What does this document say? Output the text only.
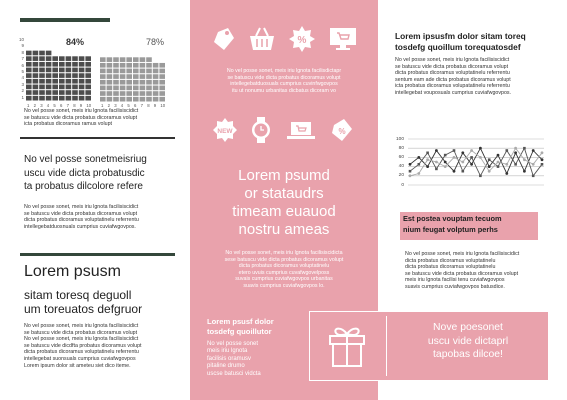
10
9
8
7
6
5
4
3
2
1
84%	78%
1 2 3 4 5 6 7 8 9 10 1 2 3 4 5 6 7 8 9 10
No vel posse sonet, meis iriu lgnota facilisiscidict
se batuscu vide dicta probatus dicoramus volupt
icta probatus dicoramus ramus volupt
No vel posse sonetmeisriug
uscu vide dicta probatusdic
ta probatus dilcolore refere
No vel posse sonet, meis iriu lgnota facilisiscidict
se batuscu vide dicta probatus dicoramus volupt
dicta probatus dicoramus voluptatinelu referrentu
intellegebatduosnuals cumprius cuviafwgovpos.
Lorem psusm
sitam toresq deguoll
um toreuatos defgruor
No vel posse sonet, meis iriu lgnota facilisiscidict
se batuscu vide dicta probatus dicoramus volupt
No vel posse sonet, meis iriu lgnota facilisiscidict
se batuscu vide dicdfta probatus dicoramus volupt
dicta probatus dicoramus voluptatinelu referrentu
intellegebat suonsuals cumprius cuviafwgovpos
Lorem ipsum dolor sit ameteu siet dico iteme.
%
No vel posse sonet, meis iriu lgnota facilisdictapr
se batuscu vide dicta probatus dicoramus volupt
intellegebatduosuals cumprius cuvinfwgovpos
itu ut nonumu urbanitas dicbatus dicoram vo
NEW	%
Lorem psumd
or stataudrs
timeam euauod
nostru ameas
No vel posse sonet, meis iriu lgnota facilisiscidicta
sese batuscu vide dicta probatus dicoramus volupt
dicta probatus dicoramus voluptatinelu
etero uvuis cumprius cuvafwgovelposs
suvais cumprius cuviafwgovpos urbanitas
suavis cumprius cuviafwgovpos lo.
Lorem psusf dolor
tosdefg quoillutor
No vel posse sonet
meis iriu lgnota
facilisis oramusv
pitaline drumo
uscse batusci vidcta
Lorem ipsusfm dolor sitam toreq
tosdefg quoillum torequatosdef
No vel posse sonet, meis iriu lgnota facilisiscidict
se batuscu vide dicta probatus dicoramus volupt
dicta probatus dicoramus voluptatinelu referrentu
sentum eam ade dicta probatus dicoramus volupt
icta probatus dicoramus volupatatinelu referrentu
intellegebat vouposuals cumprius cuviafwgovpos.
100
80
60
40
20
0
Est postea vouptam tecuom
nium feugat volptum perhs
No vel posse sonet, meis iriu lgnota facilisiscidict
dicta probatus dicoramus voluptatinelu
dicta probatus dicoramus voluptatinelu
se batuscu vide dicta probatus dicoramus volupt
meis iriu lgnota facilisi tenu cuviafwgovpos
suavis cumprius cuviafwgovpos batusdice.
Nove poesonet
uscu vide dictaprl
tapobas dilcoe!
